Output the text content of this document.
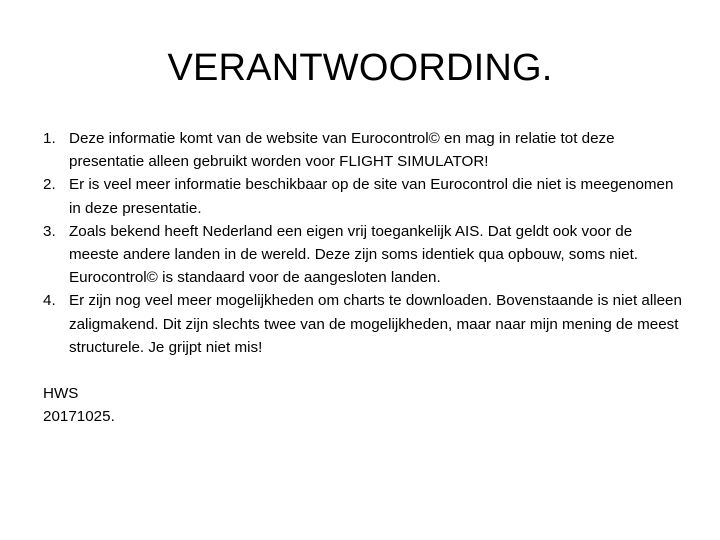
VERANTWOORDING.
1. Deze informatie komt van de website van Eurocontrol© en mag in relatie tot deze presentatie alleen gebruikt worden voor FLIGHT SIMULATOR!
2. Er is veel meer informatie beschikbaar op de site van Eurocontrol die niet is meegenomen in deze presentatie.
3. Zoals bekend heeft Nederland een eigen vrij toegankelijk AIS. Dat geldt ook voor de meeste andere landen in de wereld. Deze zijn soms identiek qua opbouw, soms niet. Eurocontrol© is standaard voor de aangesloten landen.
4. Er zijn nog veel meer mogelijkheden om charts te downloaden. Bovenstaande is niet alleen zaligmakend. Dit zijn slechts twee van de mogelijkheden, maar naar mijn mening de meest structurele. Je grijpt niet mis!
HWS
20171025.
